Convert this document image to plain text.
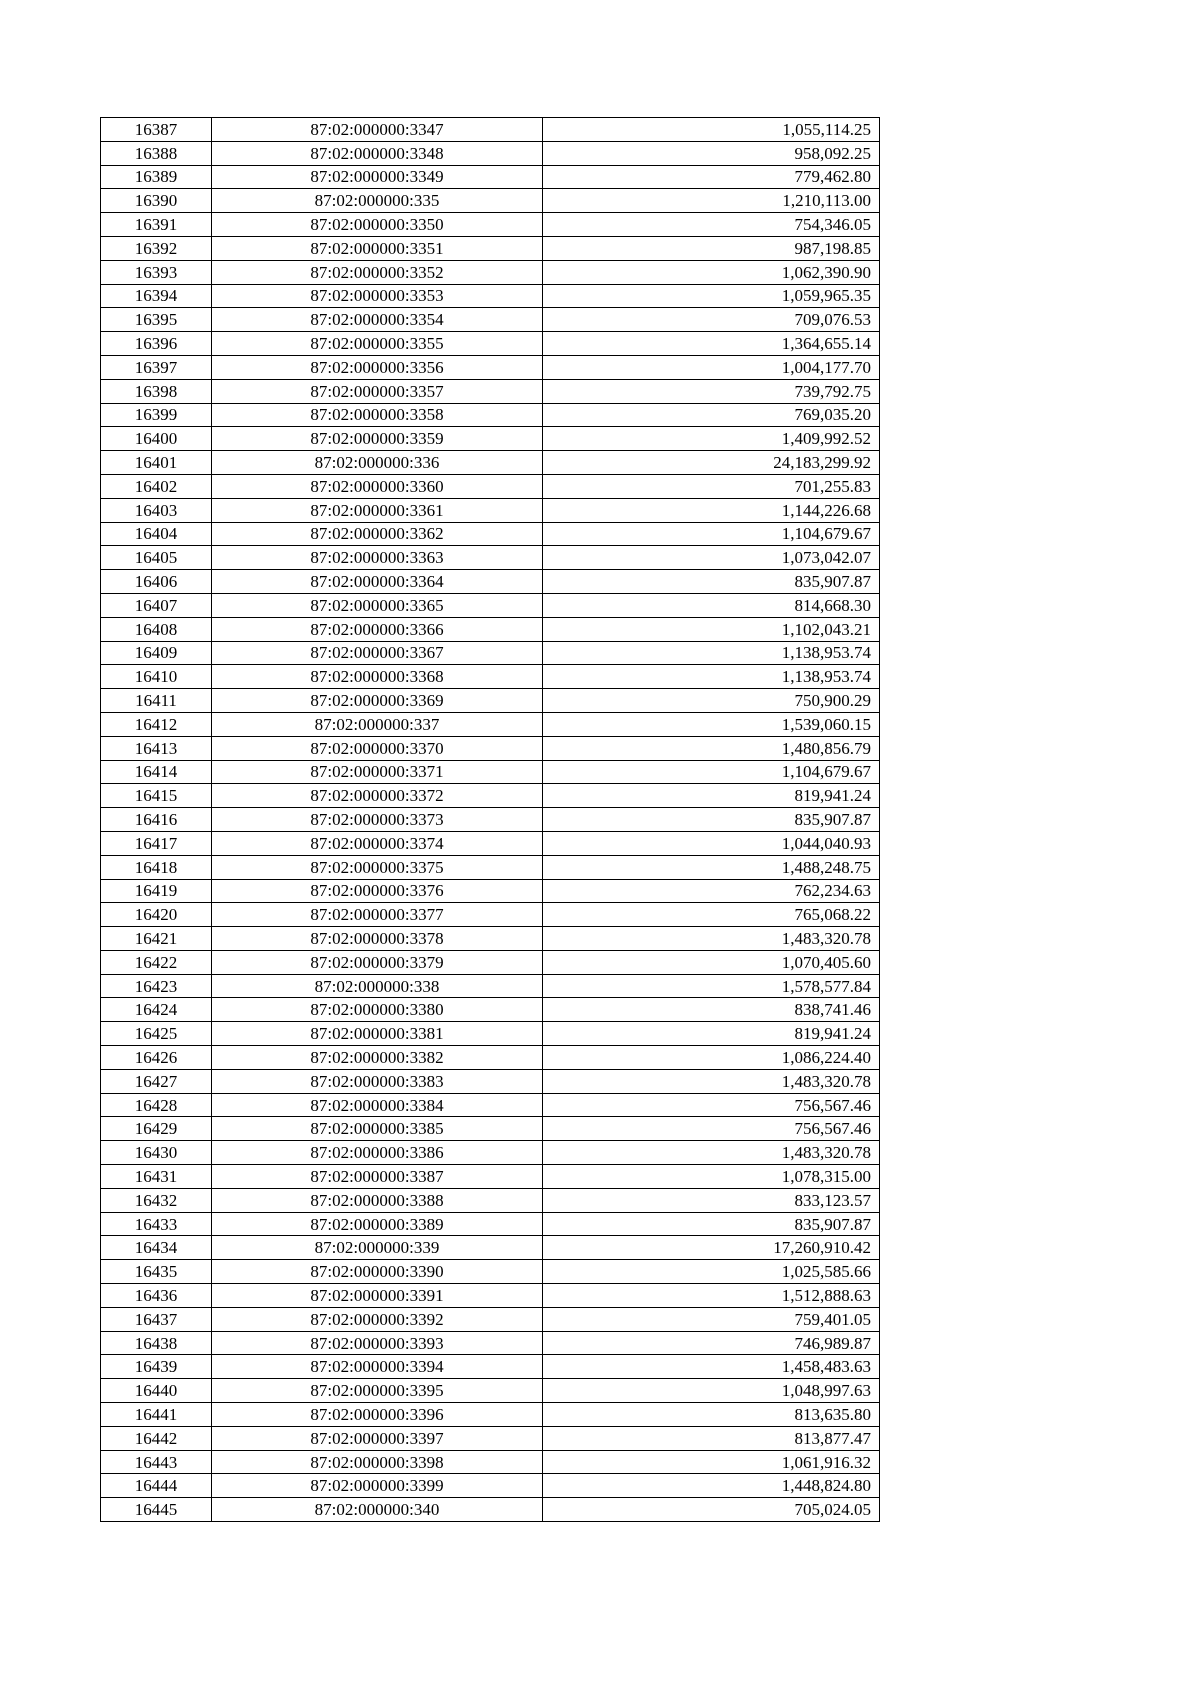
16387	87:02:000000:3347	1,055,114.25
16388	87:02:000000:3348	958,092.25
16389	87:02:000000:3349	779,462.80
16390	87:02:000000:335	1,210,113.00
16391	87:02:000000:3350	754,346.05
16392	87:02:000000:3351	987,198.85
16393	87:02:000000:3352	1,062,390.90
16394	87:02:000000:3353	1,059,965.35
16395	87:02:000000:3354	709,076.53
16396	87:02:000000:3355	1,364,655.14
16397	87:02:000000:3356	1,004,177.70
16398	87:02:000000:3357	739,792.75
16399	87:02:000000:3358	769,035.20
16400	87:02:000000:3359	1,409,992.52
16401	87:02:000000:336	24,183,299.92
16402	87:02:000000:3360	701,255.83
16403	87:02:000000:3361	1,144,226.68
16404	87:02:000000:3362	1,104,679.67
16405	87:02:000000:3363	1,073,042.07
16406	87:02:000000:3364	835,907.87
16407	87:02:000000:3365	814,668.30
16408	87:02:000000:3366	1,102,043.21
16409	87:02:000000:3367	1,138,953.74
16410	87:02:000000:3368	1,138,953.74
16411	87:02:000000:3369	750,900.29
16412	87:02:000000:337	1,539,060.15
16413	87:02:000000:3370	1,480,856.79
16414	87:02:000000:3371	1,104,679.67
16415	87:02:000000:3372	819,941.24
16416	87:02:000000:3373	835,907.87
16417	87:02:000000:3374	1,044,040.93
16418	87:02:000000:3375	1,488,248.75
16419	87:02:000000:3376	762,234.63
16420	87:02:000000:3377	765,068.22
16421	87:02:000000:3378	1,483,320.78
16422	87:02:000000:3379	1,070,405.60
16423	87:02:000000:338	1,578,577.84
16424	87:02:000000:3380	838,741.46
16425	87:02:000000:3381	819,941.24
16426	87:02:000000:3382	1,086,224.40
16427	87:02:000000:3383	1,483,320.78
16428	87:02:000000:3384	756,567.46
16429	87:02:000000:3385	756,567.46
16430	87:02:000000:3386	1,483,320.78
16431	87:02:000000:3387	1,078,315.00
16432	87:02:000000:3388	833,123.57
16433	87:02:000000:3389	835,907.87
16434	87:02:000000:339	17,260,910.42
16435	87:02:000000:3390	1,025,585.66
16436	87:02:000000:3391	1,512,888.63
16437	87:02:000000:3392	759,401.05
16438	87:02:000000:3393	746,989.87
16439	87:02:000000:3394	1,458,483.63
16440	87:02:000000:3395	1,048,997.63
16441	87:02:000000:3396	813,635.80
16442	87:02:000000:3397	813,877.47
16443	87:02:000000:3398	1,061,916.32
16444	87:02:000000:3399	1,448,824.80
16445	87:02:000000:340	705,024.05
